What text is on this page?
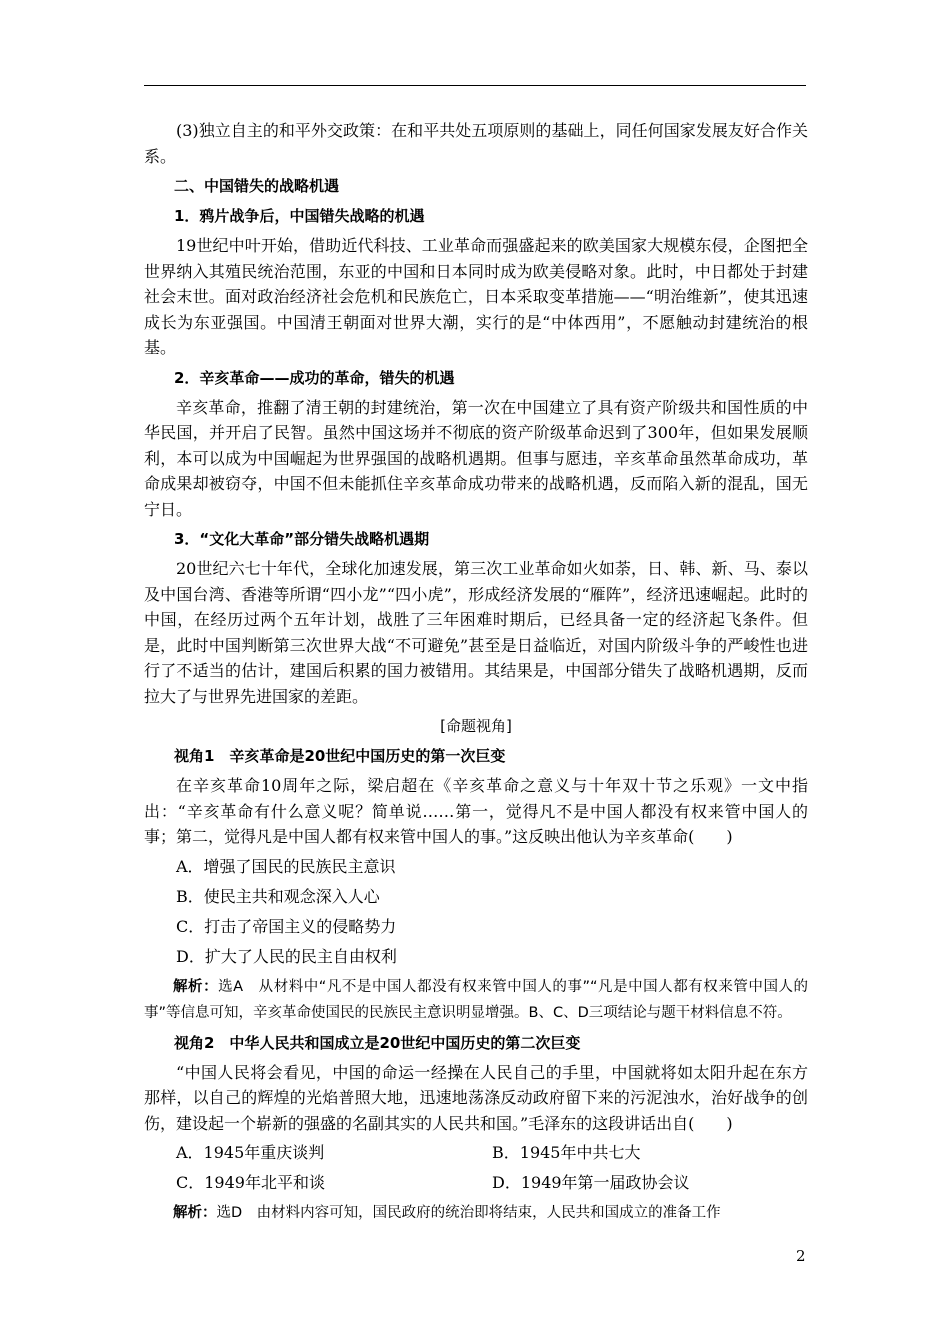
(3)独立自主的和平外交政策：在和平共处五项原则的基础上，同任何国家发展友好合作关系。

二、中国错失的战略机遇

1．鸦片战争后，中国错失战略的机遇

19世纪中叶开始，借助近代科技、工业革命而强盛起来的欧美国家大规模东侵，企图把全世界纳入其殖民统治范围，东亚的中国和日本同时成为欧美侵略对象。此时，中日都处于封建社会末世。面对政治经济社会危机和民族危亡，日本采取变革措施——“明治维新”，使其迅速成长为东亚强国。中国清王朝面对世界大潮，实行的是“中体西用”，不愿触动封建统治的根基。

2．辛亥革命——成功的革命，错失的机遇

辛亥革命，推翻了清王朝的封建统治，第一次在中国建立了具有资产阶级共和国性质的中华民国，并开启了民智。虽然中国这场并不彻底的资产阶级革命迟到了300年，但如果发展顺利，本可以成为中国崛起为世界强国的战略机遇期。但事与愿违，辛亥革命虽然革命成功，革命成果却被窃夺，中国不但未能抓住辛亥革命成功带来的战略机遇，反而陷入新的混乱，国无宁日。

3．“文化大革命”部分错失战略机遇期

20世纪六七十年代，全球化加速发展，第三次工业革命如火如荼，日、韩、新、马、泰以及中国台湾、香港等所谓“四小龙”“四小虎”，形成经济发展的“雁阵”，经济迅速崛起。此时的中国，在经历过两个五年计划，战胜了三年困难时期后，已经具备一定的经济起飞条件。但是，此时中国判断第三次世界大战“不可避免”甚至是日益临近，对国内阶级斗争的严峻性也进行了不适当的估计，建国后积累的国力被错用。其结果是，中国部分错失了战略机遇期，反而拉大了与世界先进国家的差距。

[命题视角]

视角1　辛亥革命是20世纪中国历史的第一次巨变

在辛亥革命10周年之际，梁启超在《辛亥革命之意义与十年双十节之乐观》一文中指出：“辛亥革命有什么意义呢？简单说……第一，觉得凡不是中国人都没有权来管中国人的事；第二，觉得凡是中国人都有权来管中国人的事。”这反映出他认为辛亥革命(　　)

A．增强了国民的民族民主意识

B．使民主共和观念深入人心

C．打击了帝国主义的侵略势力

D．扩大了人民的民主自由权利

解析：选A　从材料中“凡不是中国人都没有权来管中国人的事”“凡是中国人都有权来管中国人的事”等信息可知，辛亥革命使国民的民族民主意识明显增强。B、C、D三项结论与题干材料信息不符。

视角2　中华人民共和国成立是20世纪中国历史的第二次巨变

“中国人民将会看见，中国的命运一经操在人民自己的手里，中国就将如太阳升起在东方那样，以自己的辉煌的光焰普照大地，迅速地荡涤反动政府留下来的污泥浊水，治好战争的创伤，建设起一个崭新的强盛的名副其实的人民共和国。”毛泽东的这段讲话出自(　　)

A．1945年重庆谈判	B．1945年中共七大
C．1949年北平和谈	D．1949年第一届政协会议

解析：选D　由材料内容可知，国民政府的统治即将结束，人民共和国成立的准备工作

2
